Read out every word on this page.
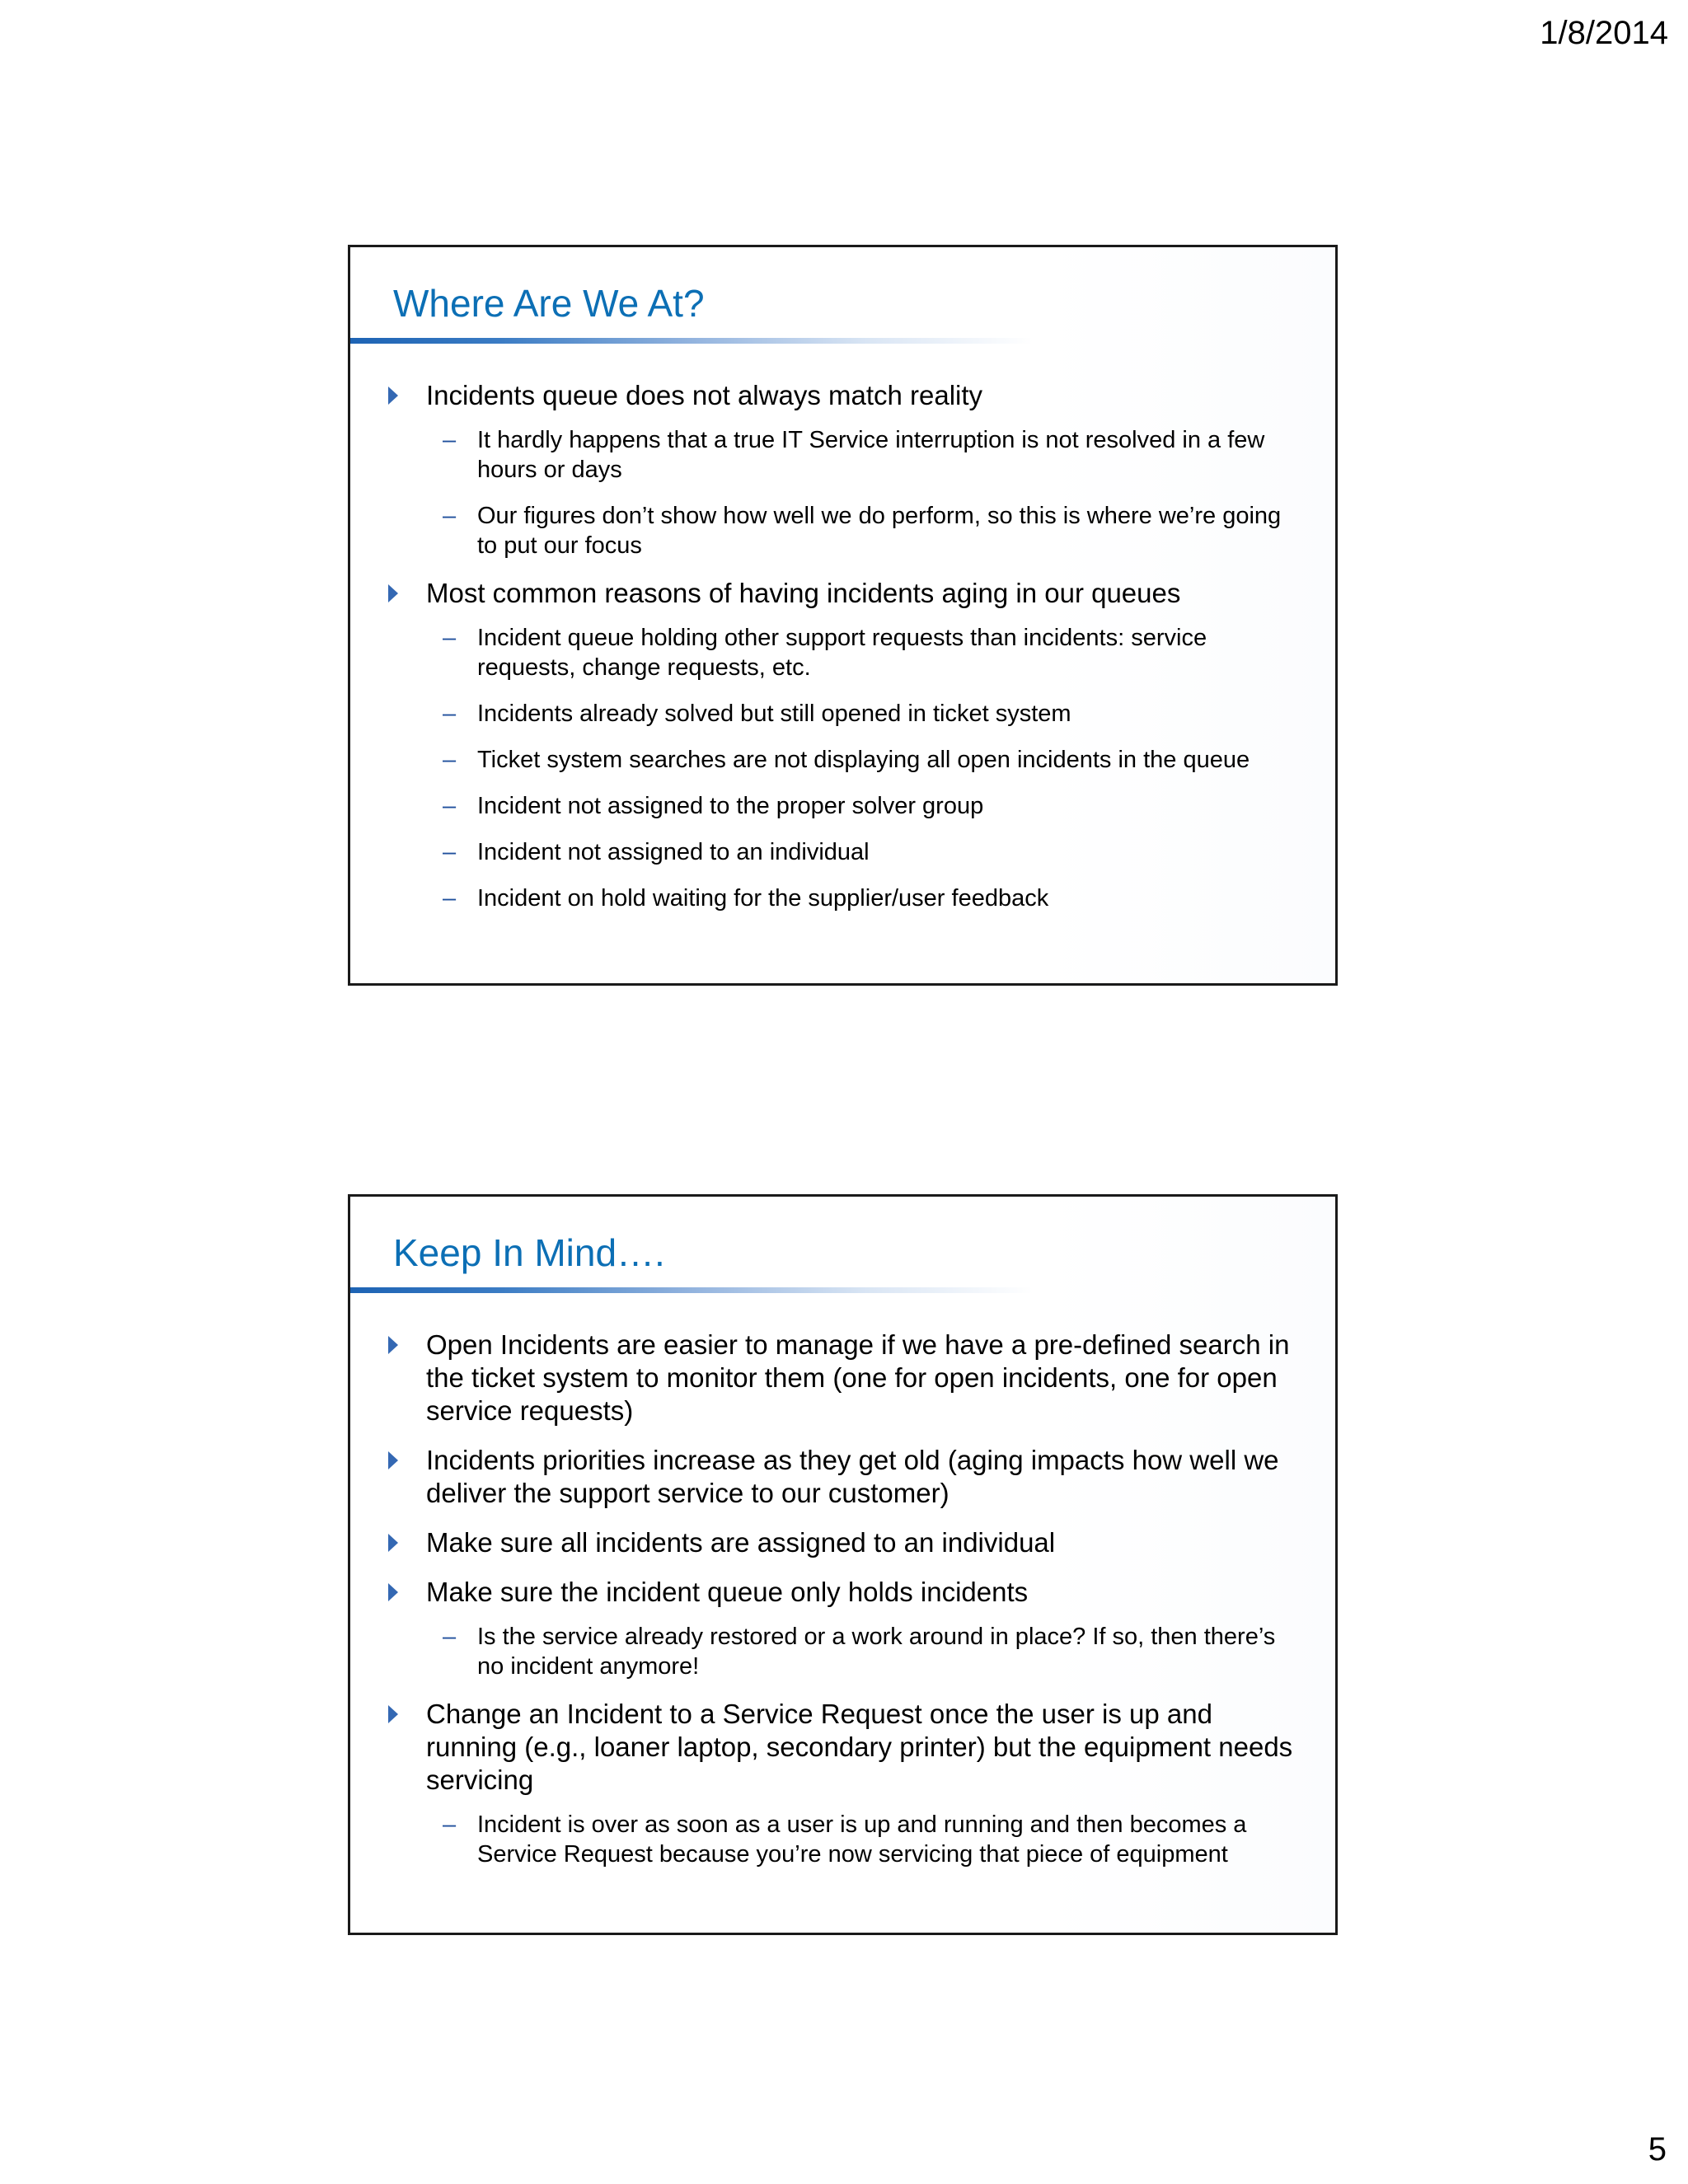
1/8/2014

Where Are We At?
Incidents queue does not always match reality
– It hardly happens that a true IT Service interruption is not resolved in a few hours or days
– Our figures don’t show how well we do perform, so this is where we’re going to put our focus
Most common reasons of having incidents aging in our queues
– Incident queue holding other support requests than incidents: service requests, change requests, etc.
– Incidents already solved but still opened in ticket system
– Ticket system searches are not displaying all open incidents in the queue
– Incident not assigned to the proper solver group
– Incident not assigned to an individual
– Incident on hold waiting for the supplier/user feedback
Keep In Mind….
Open Incidents are easier to manage if we have a pre-defined search in the ticket system to monitor them (one for open incidents, one for open service requests)
Incidents priorities increase as they get old (aging impacts how well we deliver the support service to our customer)
Make sure all incidents are assigned to an individual
Make sure the incident queue only holds incidents
– Is the service already restored or a work around in place? If so, then there’s no incident anymore!
Change an Incident to a Service Request once the user is up and running (e.g., loaner laptop, secondary printer) but the equipment needs servicing
– Incident is over as soon as a user is up and running and then becomes a Service Request because you’re now servicing that piece of equipment

5
